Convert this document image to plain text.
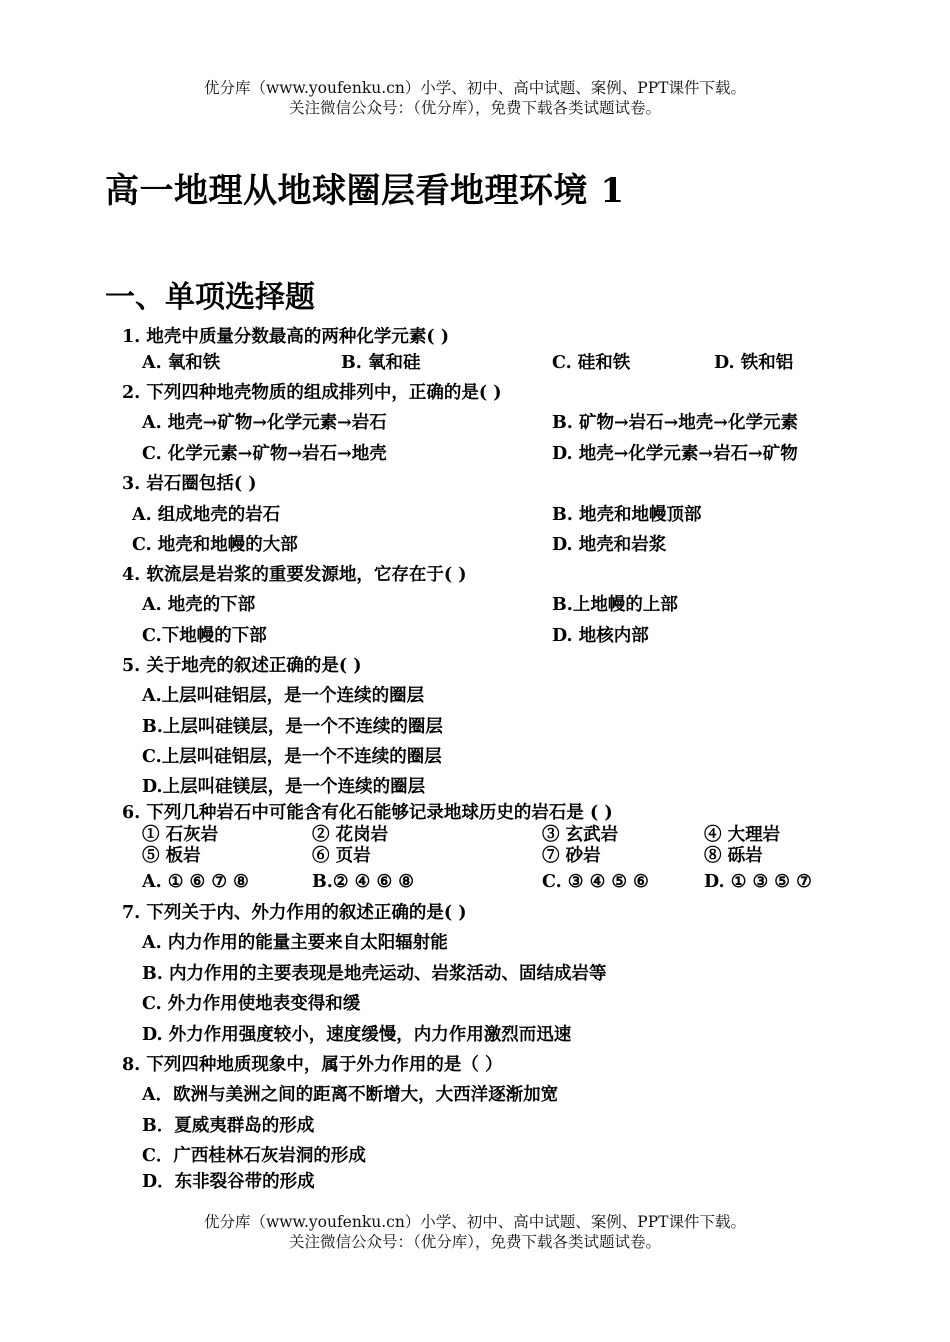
优分库（www.youfenku.cn）小学、初中、高中试题、案例、PPT课件下载。
关注微信公众号：（优分库），免费下载各类试题试卷。
高一地理从地球圈层看地理环境 1
一、单项选择题
1. 地壳中质量分数最高的两种化学元素( )
A. 氧和铁	B. 氧和硅	C. 硅和铁	D. 铁和铝
2. 下列四种地壳物质的组成排列中，正确的是( )
A. 地壳→矿物→化学元素→岩石	B. 矿物→岩石→地壳→化学元素
C. 化学元素→矿物→岩石→地壳	D. 地壳→化学元素→岩石→矿物
3. 岩石圈包括( )
A. 组成地壳的岩石	B. 地壳和地幔顶部
C. 地壳和地幔的大部	D. 地壳和岩浆
4. 软流层是岩浆的重要发源地，它存在于( )
A. 地壳的下部	B.上地幔的上部
C.下地幔的下部	D. 地核内部
5. 关于地壳的叙述正确的是( )
A.上层叫硅铝层，是一个连续的圈层
B.上层叫硅镁层，是一个不连续的圈层
C.上层叫硅铝层，是一个不连续的圈层
D.上层叫硅镁层，是一个连续的圈层
6. 下列几种岩石中可能含有化石能够记录地球历史的岩石是 ( )
① 石灰岩	② 花岗岩	③ 玄武岩	④ 大理岩
⑤ 板岩	⑥ 页岩	⑦ 砂岩	⑧ 砾岩
A. ① ⑥ ⑦ ⑧	B.② ④ ⑥ ⑧	C. ③ ④ ⑤ ⑥	D. ① ③ ⑤ ⑦
7. 下列关于内、外力作用的叙述正确的是( )
A. 内力作用的能量主要来自太阳辐射能
B. 内力作用的主要表现是地壳运动、岩浆活动、固结成岩等
C. 外力作用使地表变得和缓
D. 外力作用强度较小，速度缓慢，内力作用激烈而迅速
8. 下列四种地质现象中，属于外力作用的是（ ）
A．欧洲与美洲之间的距离不断增大，大西洋逐渐加宽
B．夏威夷群岛的形成
C．广西桂林石灰岩洞的形成
D．东非裂谷带的形成
优分库（www.youfenku.cn）小学、初中、高中试题、案例、PPT课件下载。
关注微信公众号：（优分库），免费下载各类试题试卷。
